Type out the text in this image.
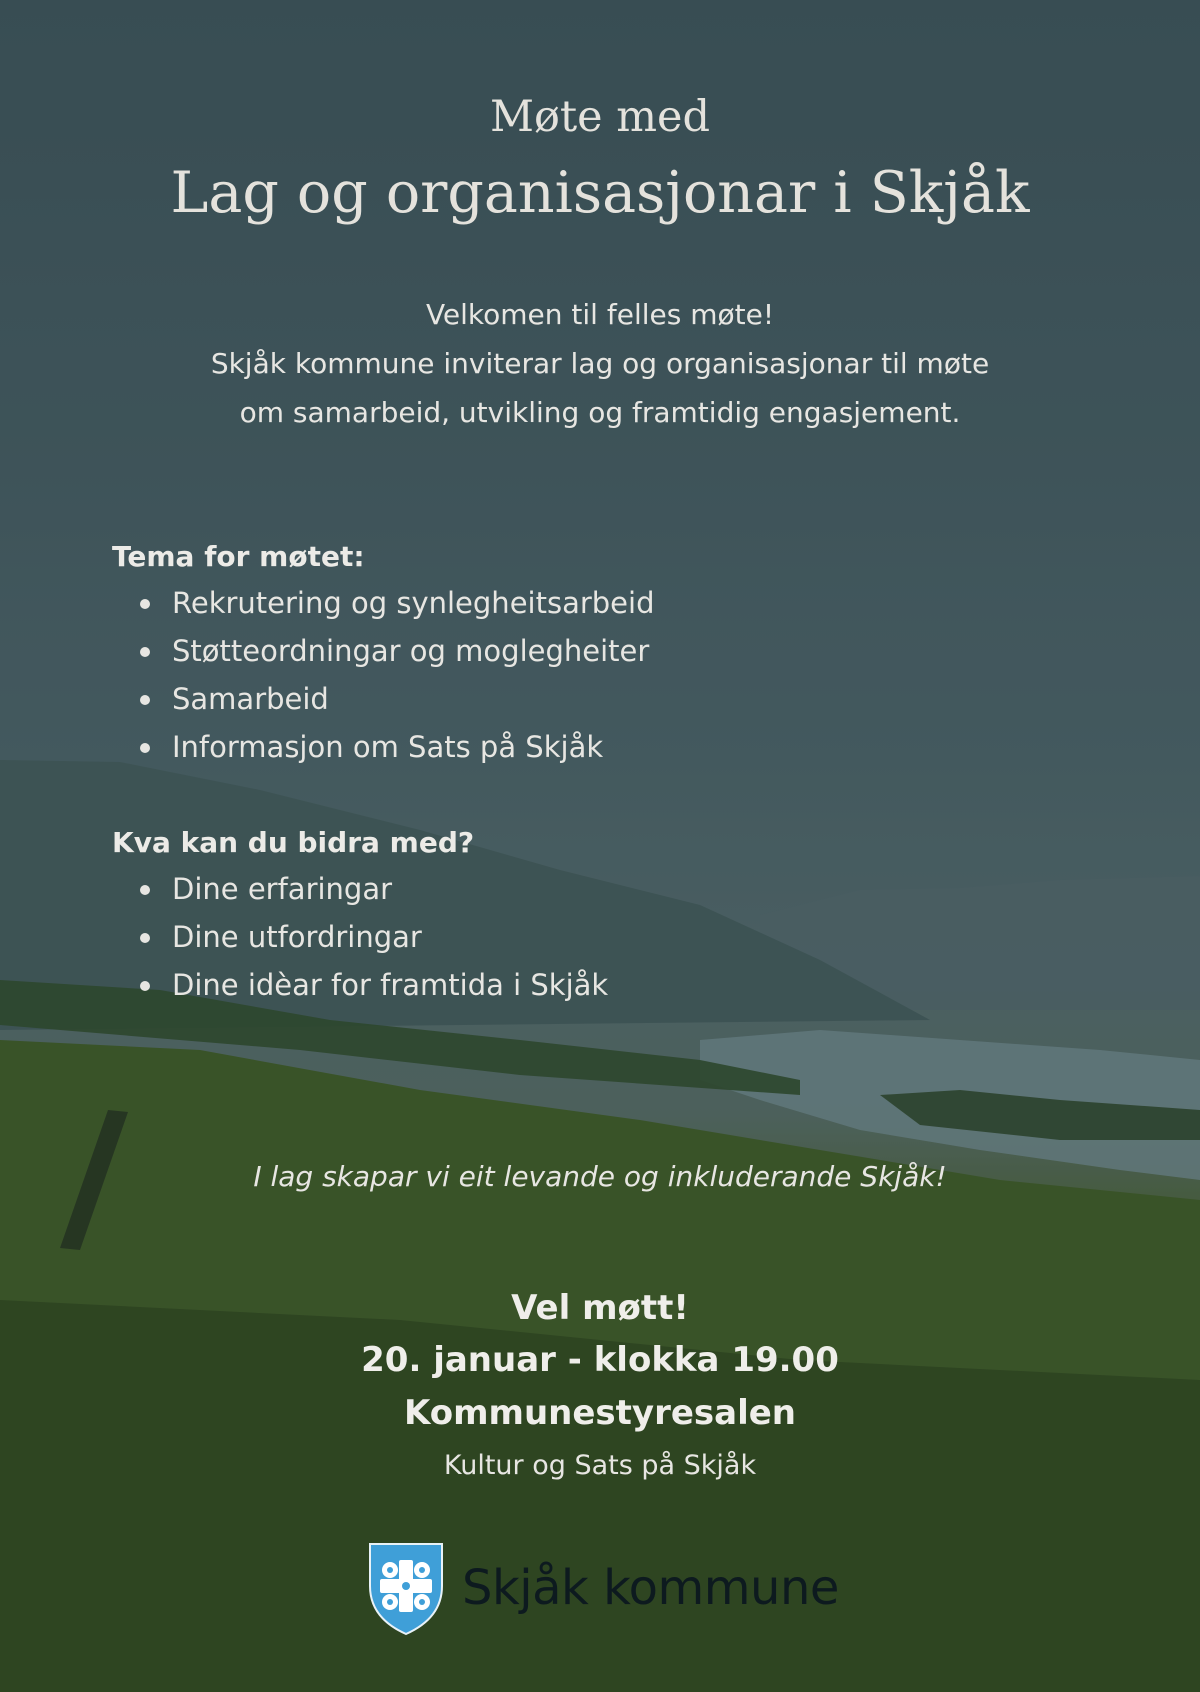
Møte med
Lag og organisasjonar i Skjåk
Velkomen til felles møte!
Skjåk kommune inviterar lag og organisasjonar til møte
om samarbeid, utvikling og framtidig engasjement.
Tema for møtet:
Rekrutering og synlegheitsarbeid
Støtteordningar og moglegheiter
Samarbeid
Informasjon om Sats på Skjåk
Kva kan du bidra med?
Dine erfaringar
Dine utfordringar
Dine idèar for framtida i Skjåk
I lag skapar vi eit levande og inkluderande Skjåk!
Vel møtt!
20. januar - klokka 19.00
Kommunestyresalen
Kultur og Sats på Skjåk
Skjåk kommune
